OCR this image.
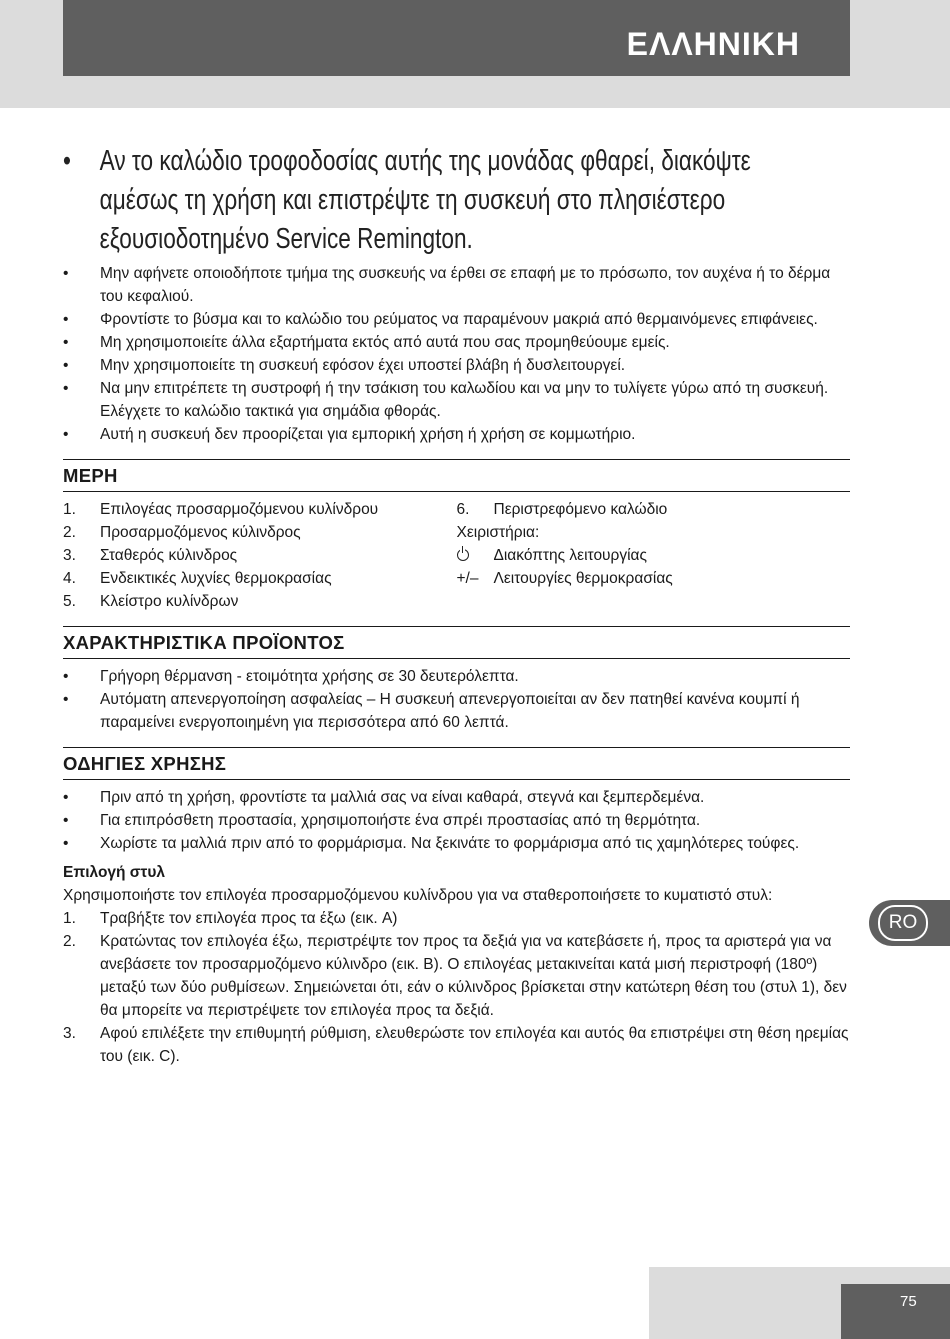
ΕΛΛΗΝΙΚΗ
• Αν το καλώδιο τροφοδοσίας αυτής της μονάδας φθαρεί, διακόψτε αμέσως τη χρήση και επιστρέψτε τη συσκευή στο πλησιέστερο εξουσιοδοτημένο Service Remington.
• Μην αφήνετε οποιοδήποτε τμήμα της συσκευής να έρθει σε επαφή με το πρόσωπο, τον αυχένα ή το δέρμα του κεφαλιού.
• Φροντίστε το βύσμα και το καλώδιο του ρεύματος να παραμένουν μακριά από θερμαινόμενες επιφάνειες.
• Μη χρησιμοποιείτε άλλα εξαρτήματα εκτός από αυτά που σας προμηθεύουμε εμείς.
• Μην χρησιμοποιείτε τη συσκευή εφόσον έχει υποστεί βλάβη ή δυσλειτουργεί.
• Να μην επιτρέπετε τη συστροφή ή την τσάκιση του καλωδίου και να μην το τυλίγετε γύρω από τη συσκευή. Ελέγχετε το καλώδιο τακτικά για σημάδια φθοράς.
• Αυτή η συσκευή δεν προορίζεται για εμπορική χρήση ή χρήση σε κομμωτήριο.
ΜΕΡΗ
1. Επιλογέας προσαρμοζόμενου κυλίνδρου
2. Προσαρμοζόμενος κύλινδρος
3. Σταθερός κύλινδρος
4. Ενδεικτικές λυχνίες θερμοκρασίας
5. Κλείστρο κυλίνδρων
6. Περιστρεφόμενο καλώδιο
Χειριστήρια:
Διακόπτης λειτουργίας
+/– Λειτουργίες θερμοκρασίας
ΧΑΡΑΚΤΗΡΙΣΤΙΚΑ ΠΡΟΪΟΝΤΟΣ
• Γρήγορη θέρμανση - ετοιμότητα χρήσης σε 30 δευτερόλεπτα.
• Αυτόματη απενεργοποίηση ασφαλείας – Η συσκευή απενεργοποιείται αν δεν πατηθεί κανένα κουμπί ή παραμείνει ενεργοποιημένη για περισσότερα από 60 λεπτά.
ΟΔΗΓΙΕΣ ΧΡΗΣΗΣ
• Πριν από τη χρήση, φροντίστε τα μαλλιά σας να είναι καθαρά, στεγνά και ξεμπερδεμένα.
• Για επιπρόσθετη προστασία, χρησιμοποιήστε ένα σπρέι προστασίας από τη θερμότητα.
• Χωρίστε τα μαλλιά πριν από το φορμάρισμα. Να ξεκινάτε το φορμάρισμα από τις χαμηλότερες τούφες.
Επιλογή στυλ
Χρησιμοποιήστε τον επιλογέα προσαρμοζόμενου κυλίνδρου για να σταθεροποιήσετε το κυματιστό στυλ:
1. Τραβήξτε τον επιλογέα προς τα έξω (εικ. A)
2. Κρατώντας τον επιλογέα έξω, περιστρέψτε τον προς τα δεξιά για να κατεβάσετε ή, προς τα αριστερά για να ανεβάσετε τον προσαρμοζόμενο κύλινδρο (εικ. B). Ο επιλογέας μετακινείται κατά μισή περιστροφή (180º) μεταξύ των δύο ρυθμίσεων. Σημειώνεται ότι, εάν ο κύλινδρος βρίσκεται στην κατώτερη θέση του (στυλ 1), δεν θα μπορείτε να περιστρέψετε τον επιλογέα προς τα δεξιά.
3. Αφού επιλέξετε την επιθυμητή ρύθμιση, ελευθερώστε τον επιλογέα και αυτός θα επιστρέψει στη θέση ηρεμίας του (εικ. C).
RO
75
